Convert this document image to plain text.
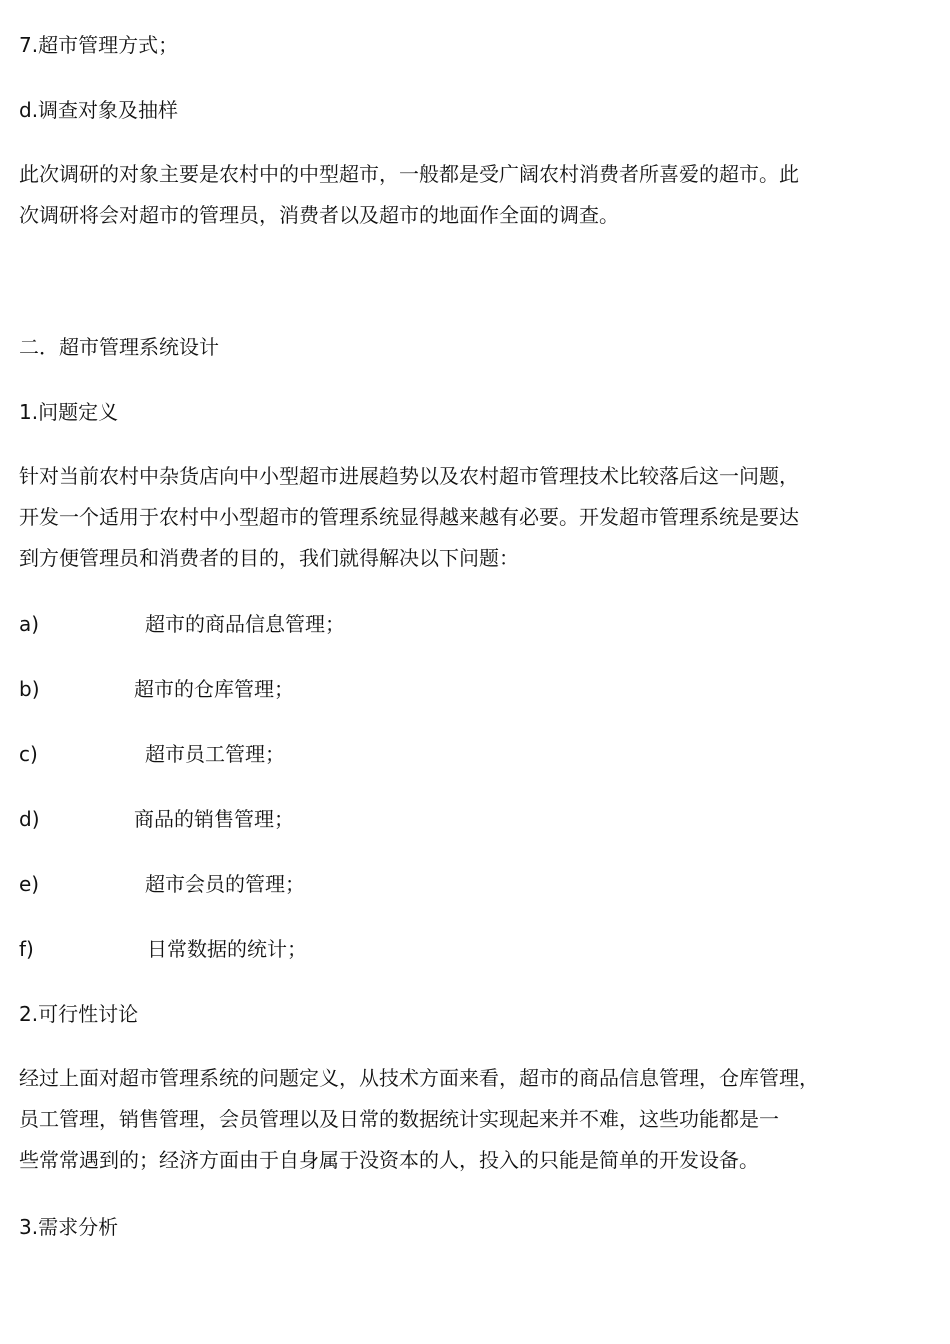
7.超市管理方式；
d.调查对象及抽样
此次调研的对象主要是农村中的中型超市，一般都是受广阔农村消费者所喜爱的超市。此
次调研将会对超市的管理员，消费者以及超市的地面作全面的调查。
二．超市管理系统设计
1.问题定义
针对当前农村中杂货店向中小型超市进展趋势以及农村超市管理技术比较落后这一问题，
开发一个适用于农村中小型超市的管理系统显得越来越有必要。开发超市管理系统是要达
到方便管理员和消费者的目的，我们就得解决以下问题：
a)	超市的商品信息管理；
b)	超市的仓库管理；
c)	超市员工管理；
d)	商品的销售管理；
e)	超市会员的管理；
f)	日常数据的统计；
2.可行性讨论
经过上面对超市管理系统的问题定义，从技术方面来看，超市的商品信息管理，仓库管理，
员工管理，销售管理，会员管理以及日常的数据统计实现起来并不难，这些功能都是一
些常常遇到的；经济方面由于自身属于没资本的人，投入的只能是简单的开发设备。
3.需求分析
